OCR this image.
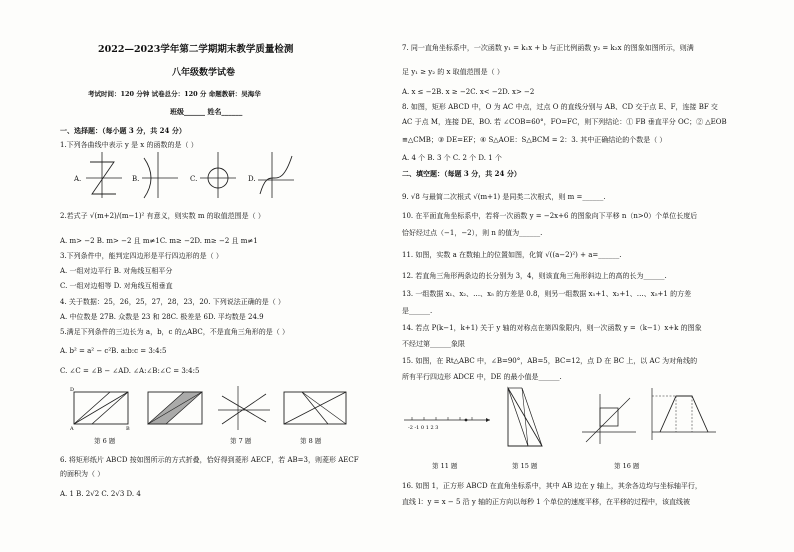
2022—2023学年第二学期期末教学质量检测
八年级数学试卷
考试时间：120 分钟 试卷总分：120 分 命题教研：吴海华
班级______ 姓名______
一、选择题：（每小题 3 分，共 24 分）
1.下列各曲线中表示 y 是 x 的函数的是（ ）
A.	B.	C.	D.
2.若式子 √(m+2)/(m−1)² 有意义，则实数 m 的取值范围是（ ）
A. m> −2 B. m> −2 且 m≠1C. m≥ −2D. m≥ −2 且 m≠1
3.下列条件中，能判定四边形是平行四边形的是（ ）
A. 一组对边平行 B. 对角线互相平分
C. 一组对边相等 D. 对角线互相垂直
4. 关于数据：25，26，25，27，28，23，20. 下列说法正确的是（ ）
A. 中位数是 27B. 众数是 23 和 28C. 极差是 6D. 平均数是 24.9
5.满足下列条件的三边长为 a，b，c 的△ABC，不是直角三角形的是（ ）
A. b² = a² − c²B. a:b:c = 3:4:5
C. ∠C = ∠B − ∠AD. ∠A:∠B:∠C = 3:4:5
D
A	B
第 6 题	第 7 题	第 8 题
6. 将矩形纸片 ABCD 按如图所示的方式折叠，恰好得到菱形 AECF，若 AB=3，则菱形 AECF
的面积为（ ）
A. 1 B. 2√2 C. 2√3 D. 4
7. 同一直角坐标系中，一次函数 y₁ = k₁x + b 与正比例函数 y₂ = k₂x 的图象如图所示，则满
足 y₁ ≥ y₂ 的 x 取值范围是（ ）
A. x ≤ −2B. x ≥ −2C. x< −2D. x> −2
8. 如图，矩形 ABCD 中，O 为 AC 中点，过点 O 的直线分别与 AB、CD 交于点 E、F，连接 BF 交
AC 于点 M，连接 DE、BO. 若 ∠COB=60°，FO=FC，则下列结论：① FB 垂直平分 OC；② △EOB
≌△CMB；③ DE=EF；④ S△AOE：S△BCM = 2：3. 其中正确结论的个数是（ ）
A. 4 个 B. 3 个 C. 2 个 D. 1 个
二、填空题：（每题 3 分，共 24 分）
9. √8 与最简二次根式 √(m+1) 是同类二次根式，则 m =______.
10. 在平面直角坐标系中，若将一次函数 y = −2x+6 的图象向下平移 n（n>0）个单位长度后
恰好经过点（−1，−2），则 n 的值为______.
11. 如图，实数 a 在数轴上的位置如图，化简 √((a−2)²) + a=______.
12. 若直角三角形两条边的长分别为 3，4，则该直角三角形斜边上的高的长为______.
13. 一组数据 x₁、x₂、…、x₅ 的方差是 0.8，则另一组数据 x₁+1、x₂+1、…、x₅+1 的方差
是______.
14. 若点 P(k−1，k+1) 关于 y 轴的对称点在第四象限内，则一次函数 y =（k−1）x+k 的图象
不经过第______象限
15. 如图，在 Rt△ABC 中，∠B=90°，AB=5，BC=12，点 D 在 BC 上，以 AC 为对角线的
所有平行四边形 ADCE 中，DE 的最小值是______.
-2 -1 0 1 2 3
第 11 题	第 15 题	第 16 题
16. 如图 1，正方形 ABCD 在直角坐标系中，其中 AB 边在 y 轴上，其余各边均与坐标轴平行，
直线 l：y = x − 5 沿 y 轴的正方向以每秒 1 个单位的速度平移，在平移的过程中，该直线被
